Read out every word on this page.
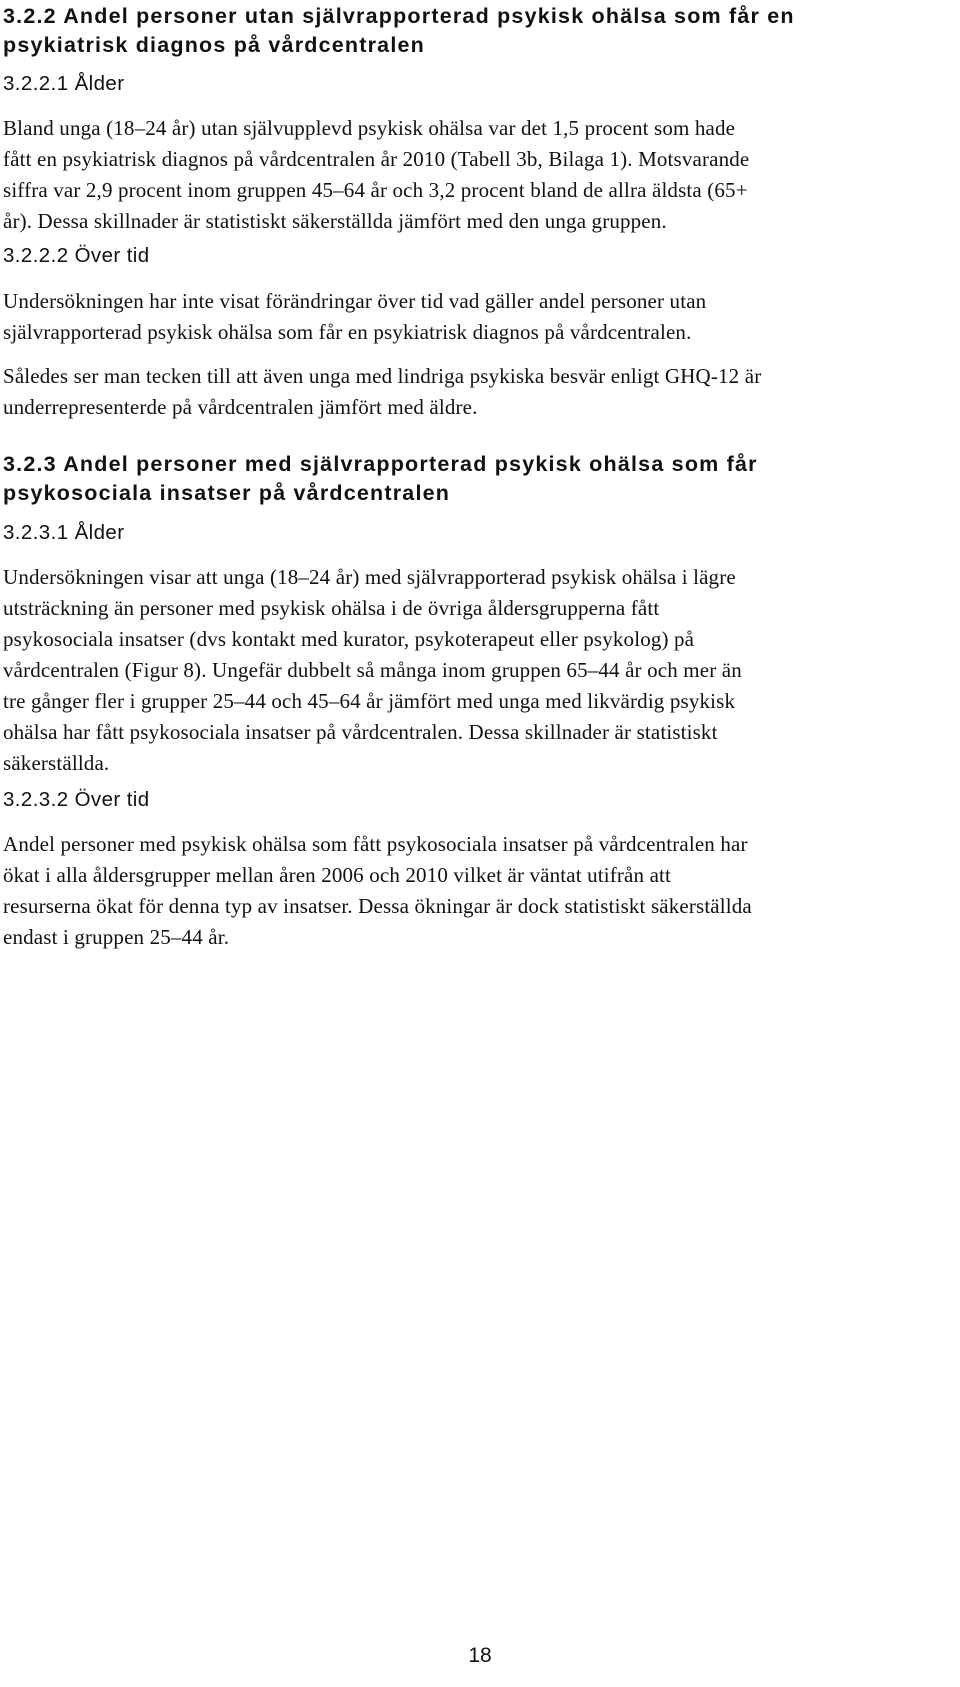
3.2.2 Andel personer utan självrapporterad psykisk ohälsa som får en
psykiatrisk diagnos på vårdcentralen
3.2.2.1 Ålder

Bland unga (18–24 år) utan självupplevd psykisk ohälsa var det 1,5 procent som hade
fått en psykiatrisk diagnos på vårdcentralen år 2010 (Tabell 3b, Bilaga 1). Motsvarande
siffra var 2,9 procent inom gruppen 45–64 år och 3,2 procent bland de allra äldsta (65+
år). Dessa skillnader är statistiskt säkerställda jämfört med den unga gruppen.

3.2.2.2 Över tid

Undersökningen har inte visat förändringar över tid vad gäller andel personer utan
självrapporterad psykisk ohälsa som får en psykiatrisk diagnos på vårdcentralen.

Således ser man tecken till att även unga med lindriga psykiska besvär enligt GHQ-12 är
underrepresenterde på vårdcentralen jämfört med äldre.

3.2.3 Andel personer med självrapporterad psykisk ohälsa som får
psykosociala insatser på vårdcentralen
3.2.3.1 Ålder

Undersökningen visar att unga (18–24 år) med självrapporterad psykisk ohälsa i lägre
utsträckning än personer med psykisk ohälsa i de övriga åldersgrupperna fått
psykosociala insatser (dvs kontakt med kurator, psykoterapeut eller psykolog) på
vårdcentralen (Figur 8). Ungefär dubbelt så många inom gruppen 65–44 år och mer än
tre gånger fler i grupper 25–44 och 45–64 år jämfört med unga med likvärdig psykisk
ohälsa har fått psykosociala insatser på vårdcentralen. Dessa skillnader är statistiskt
säkerställda.

3.2.3.2 Över tid

Andel personer med psykisk ohälsa som fått psykosociala insatser på vårdcentralen har
ökat i alla åldersgrupper mellan åren 2006 och 2010 vilket är väntat utifrån att
resurserna ökat för denna typ av insatser. Dessa ökningar är dock statistiskt säkerställda
endast i gruppen 25–44 år.

18
